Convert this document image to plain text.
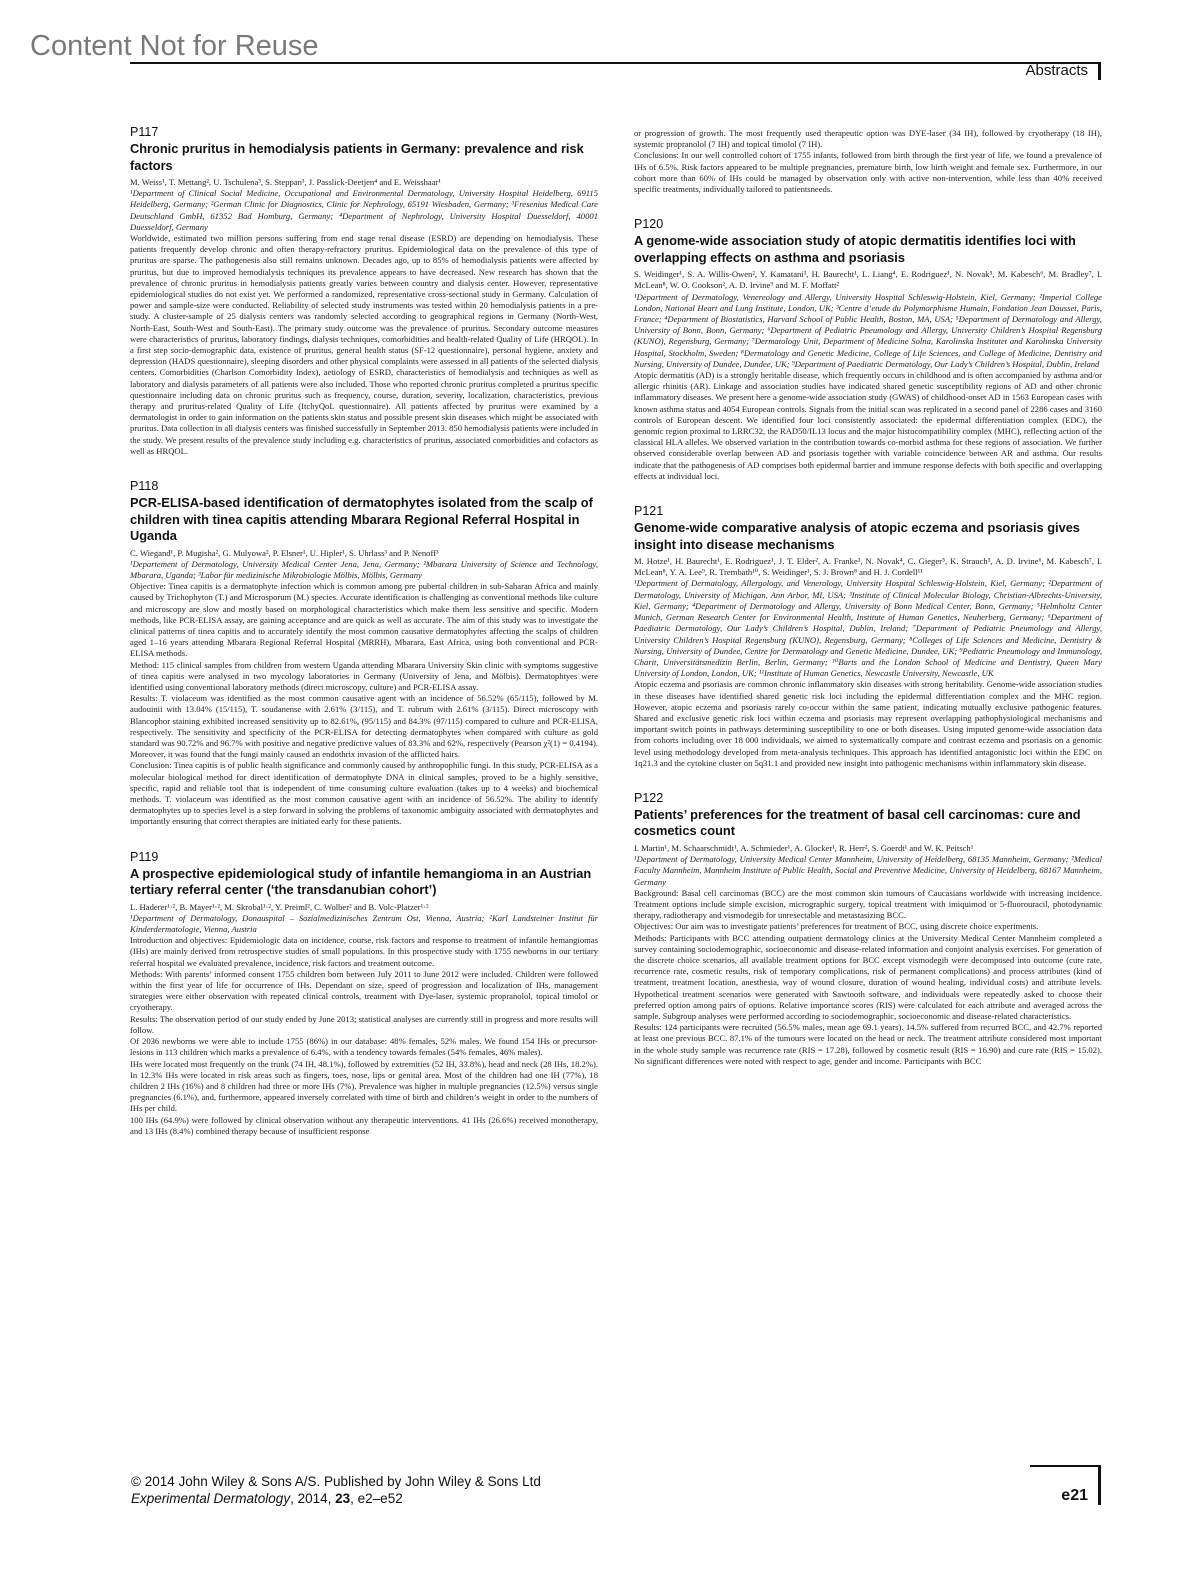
Content Not for Reuse
Abstracts

P117

Chronic pruritus in hemodialysis patients in Germany: prevalence and risk factors

M. Weiss¹, T. Mettang², U. Tschulena³, S. Steppan³, J. Passlick-Deetjen⁴ and E. Weisshaar¹

¹Department of Clinical Social Medicine, Occupational and Environmental Dermatology, University Hospital Heidelberg, 69115 Heidelberg, Germany; ²German Clinic for Diagnostics, Clinic for Nephrology, 65191 Wiesbaden, Germany; ³Fresenius Medical Care Deutschland GmbH, 61352 Bad Homburg, Germany; ⁴Department of Nephrology, University Hospital Duesseldorf, 40001 Duesseldorf, Germany

Worldwide, estimated two million persons suffering from end stage renal disease (ESRD) are depending on hemodialysis. These patients frequently develop chronic and often therapy-refractory pruritus. Epidemiological data on the prevalence of this type of pruritus are sparse. The pathogenesis also still remains unknown. Decades ago, up to 85% of hemodialysis patients were affected by pruritus, but due to improved hemodialysis techniques its prevalence appears to have decreased. New research has shown that the prevalence of chronic pruritus in hemodialysis patients greatly varies between country and dialysis center. However, representative epidemiological studies do not exist yet. We performed a randomized, representative cross-sectional study in Germany. Calculation of power and sample-size were conducted. Reliability of selected study instruments was tested within 20 hemodialysis patients in a pre-study. A cluster-sample of 25 dialysis centers was randomly selected according to geographical regions in Germany (North-West, North-East, South-West and South-East). The primary study outcome was the prevalence of pruritus. Secondary outcome measures were characteristics of pruritus, laboratory findings, dialysis techniques, comorbidities and health-related Quality of Life (HRQOL). In a first step socio-demographic data, existence of pruritus, general health status (SF-12 questionnaire), personal hygiene, anxiety and depression (HADS questionnaire), sleeping disorders and other physical complaints were assessed in all patients of the selected dialysis centers. Comorbidities (Charlson Comorbidity Index), aetiology of ESRD, characteristics of hemodialysis and techniques as well as laboratory and dialysis parameters of all patients were also included. Those who reported chronic pruritus completed a pruritus specific questionnaire including data on chronic pruritus such as frequency, course, duration, severity, localization, characteristics, previous therapy and pruritus-related Quality of Life (ItchyQoL questionnaire). All patients affected by pruritus were examined by a dermatologist in order to gain information on the patients skin status and possible present skin diseases which might be associated with pruritus. Data collection in all dialysis centers was finished successfully in September 2013. 850 hemodialysis patients were included in the study. We present results of the prevalence study including e.g. characteristics of pruritus, associated comorbidities and cofactors as well as HRQOL.

P118

PCR-ELISA-based identification of dermatophytes isolated from the scalp of children with tinea capitis attending Mbarara Regional Referral Hospital in Uganda

C. Wiegand¹, P. Mugisha², G. Mulyowa², P. Elsner¹, U. Hipler¹, S. Uhrlass³ and P. Nenoff³

¹Departement of Dermatology, University Medical Center Jena, Jena, Germany; ²Mbarara University of Science and Technology, Mbarara, Uganda; ³Labor für medizinische Mikrobiologie Mölbis, Mölbis, Germany

Objective: Tinea capitis is a dermatophyte infection which is common among pre pubertal children in sub-Saharan Africa and mainly caused by Trichophyton (T.) and Microsporum (M.) species. Accurate identification is challenging as conventional methods like culture and microscopy are slow and mostly based on morphological characteristics which make them less sensitive and specific. Modern methods, like PCR-ELISA assay, are gaining acceptance and are quick as well as accurate. The aim of this study was to investigate the clinical patterns of tinea capitis and to accurately identify the most common causative dermatophytes affecting the scalps of children aged 1–16 years attending Mbarara Regional Referral Hospital (MRRH), Mbarara, East Africa, using both conventional and PCR-ELISA methods.

Method: 115 clinical samples from children from western Uganda attending Mbarara University Skin clinic with symptoms suggestive of tinea capitis were analysed in two mycology laboratories in Germany (University of Jena, and Mölbis). Dermatophtyes were identified using conventional laboratory methods (direct microscopy, culture) and PCR-ELISA assay.

Results: T. violaceum was identified as the most common causative agent with an incidence of 56.52% (65/115), followed by M. audouinii with 13.04% (15/115), T. soudanense with 2.61% (3/115), and T. rubrum with 2.61% (3/115). Direct microscopy with Blancophor staining exhibited increased sensitivity up to 82.61%, (95/115) and 84.3% (97/115) compared to culture and PCR-ELISA, respectively. The sensitivity and specificity of the PCR-ELISA for detecting dermatophytes when compared with culture as gold standard was 90.72% and 96.7% with positive and negative predictive values of 83.3% and 62%, respectively (Pearson χ²(1) = 0.4194). Moreover, it was found that the fungi mainly caused an endothrix invasion of the afflicted hairs.

Conclusion: Tinea capitis is of public health significance and commonly caused by anthropophilic fungi. In this study, PCR-ELISA as a molecular biological method for direct identification of dermatophyte DNA in clinical samples, proved to be a highly sensitive, specific, rapid and reliable tool that is independent of time consuming culture evaluation (takes up to 4 weeks) and biochemical methods. T. violaceum was identified as the most common causative agent with an incidence of 56.52%. The ability to identify dermatophytes up to species level is a step forward in solving the problems of taxonomic ambiguity associated with dermatophytes and importantly ensuring that correct therapies are initiated early for these patients.

P119

A prospective epidemiological study of infantile hemangioma in an Austrian tertiary referral center (‘the transdanubian cohort’)

L. Haderer¹·², B. Mayer¹·², M. Skrobal¹·², Y. Preiml², C. Wolber² and B. Volc-Platzer¹·²

¹Department of Dermatology, Donauspital – Sozialmedizinisches Zentrum Ost, Vienna, Austria; ²Karl Landsteiner Institut für Kinderdermatologie, Vienna, Austria

Introduction and objectives: Epidemiologic data on incidence, course, risk factors and response to treatment of infantile hemangiomas (IHs) are mainly derived from retrospective studies of small populations. In this prospective study with 1755 newborns in our tertiary referral hospital we evaluated prevalence, incidence, risk factors and treatment outcome.

Methods: With parents’ informed consent 1755 children born between July 2011 to June 2012 were included. Children were followed within the first year of life for occurrence of IHs. Dependant on size, speed of progression and localization of IHs, management strategies were either observation with repeated clinical controls, treatment with Dye-laser, systemic propranolol, topical timolol or cryotherapy.

Results: The observation period of our study ended by June 2013; statistical analyses are currently still in progress and more results will follow.

Of 2036 newborns we were able to include 1755 (86%) in our database: 48% females, 52% males. We found 154 IHs or precursor-lesions in 113 children which marks a prevalence of 6.4%, with a tendency towards females (54% females, 46% males).

IHs were located most frequently on the trunk (74 IH, 48.1%), followed by extremities (52 IH, 33.8%), head and neck (28 IHs, 18.2%). In 12.3% IHs were located in risk areas such as fingers, toes, nose, lips or genital area. Most of the children had one IH (77%), 18 children 2 IHs (16%) and 8 children had three or more IHs (7%). Prevalence was higher in multiple pregnancies (12.5%) versus single pregnancies (6.1%), and, furthermore, appeared inversely correlated with time of birth and children’s weight in order to the numbers of IHs per child.

100 IHs (64.9%) were followed by clinical observation without any therapeutic interventions. 41 IHs (26.6%) received monotherapy, and 13 IHs (8.4%) combined therapy because of insufficient response

or progression of growth. The most frequently used therapeutic option was DYE-laser (34 IH), followed by cryotherapy (18 IH), systemic propranolol (7 IH) and topical timolol (7 IH).

Conclusions: In our well controlled cohort of 1755 infants, followed from birth through the first year of life, we found a prevalence of IHs of 6.5%. Risk factors appeared to be multiple pregnancies, premature birth, low birth weight and female sex. Furthermore, in our cohort more than 60% of IHs could be managed by observation only with active non-intervention, while less than 40% received specific treatments, individually tailored to patientsneeds.

P120

A genome-wide association study of atopic dermatitis identifies loci with overlapping effects on asthma and psoriasis

S. Weidinger¹, S. A. Willis-Owen², Y. Kamatani³, H. Baurecht¹, L. Liang⁴, E. Rodriguez¹, N. Novak⁵, M. Kabesch⁶, M. Bradley⁷, I. McLean⁸, W. O. Cookson², A. D. Irvine⁹ and M. F. Moffatt²

¹Department of Dermatology, Venereology and Allergy, University Hospital Schleswig-Holstein, Kiel, Germany; ²Imperial College London, National Heart and Lung Institute, London, UK; ³Centre d’etude du Polymorphisme Humain, Fondation Jean Dausset, Paris, France; ⁴Department of Biostatistics, Harvard School of Public Health, Boston, MA, USA; ⁵Department of Dermatology and Allergy, University of Bonn, Bonn, Germany; ⁶Department of Pediatric Pneumology and Allergy, University Children’s Hospital Regensburg (KUNO), Regensburg, Germany; ⁷Dermatology Unit, Department of Medicine Solna, Karolinska Institutet and Karolinska University Hospital, Stockholm, Sweden; ⁸Dermatology and Genetic Medicine, College of Life Sciences, and College of Medicine, Dentistry and Nursing, University of Dundee, Dundee, UK; ⁹Department of Paediatric Dermatology, Our Lady’s Children’s Hospital, Dublin, Ireland

Atopic dermatitis (AD) is a strongly heritable disease, which frequently occurs in childhood and is often accompanied by asthma and/or allergic rhinitis (AR). Linkage and association studies have indicated shared genetic susceptibility regions of AD and other chronic inflammatory diseases. We present here a genome-wide association study (GWAS) of childhood-onset AD in 1563 European cases with known asthma status and 4054 European controls. Signals from the initial scan was replicated in a second panel of 2286 cases and 3160 controls of European descent. We identified four loci consistently associated: the epidermal differentiation complex (EDC), the genomic region proximal to LRRC32, the RAD50/IL13 locus and the major histocompatibility complex (MHC), reflecting action of the classical HLA alleles. We observed variation in the contribution towards co-morbid asthma for these regions of association. We further observed considerable overlap between AD and psoriasis together with variable coincidence between AR and asthma. Our results indicate that the pathogenesis of AD comprises both epidermal barrier and immune response defects with both specific and overlapping effects at individual loci.

P121

Genome-wide comparative analysis of atopic eczema and psoriasis gives insight into disease mechanisms

M. Hotze¹, H. Baurecht¹, E. Rodriguez¹, J. T. Elder², A. Franke³, N. Novak⁴, C. Gieger⁵, K. Strauch⁵, A. D. Irvine⁶, M. Kabesch⁷, I. McLean⁸, Y. A. Lee⁹, R. Trembath¹⁰, S. Weidinger¹, S. J. Brown⁸ and H. J. Cordell¹¹

¹Department of Dermatology, Allergology, and Venerology, University Hospital Schleswig-Holstein, Kiel, Germany; ²Department of Dermatology, University of Michigan, Ann Arbor, MI, USA; ³Institute of Clinical Molecular Biology, Christian-Albrechts-University, Kiel, Germany; ⁴Department of Dermatology and Allergy, University of Bonn Medical Center, Bonn, Germany; ⁵Helmholtz Center Munich, German Research Center for Environmental Health, Institute of Human Genetics, Neuherberg, Germany; ⁶Department of Paediatric Dermatology, Our Lady’s Children’s Hospital, Dublin, Ireland; ⁷Department of Pediatric Pneumology and Allergy, University Children’s Hospital Regensburg (KUNO), Regensburg, Germany; ⁸Colleges of Life Sciences and Medicine, Dentistry & Nursing, University of Dundee, Centre for Dermatology and Genetic Medicine, Dundee, UK; ⁹Pediatric Pneumology and Immunology, Charit, Universitätsmedizin Berlin, Berlin, Germany; ¹⁰Barts and the London School of Medicine and Dentistry, Queen Mary University of London, London, UK; ¹¹Institute of Human Genetics, Newcastle University, Newcastle, UK

Atopic eczema and psoriasis are common chronic inflammatory skin diseases with strong heritability. Genome-wide association studies in these diseases have identified shared genetic risk loci including the epidermal differentiation complex and the MHC region. However, atopic eczema and psoriasis rarely co-occur within the same patient, indicating mutually exclusive pathogenic features. Shared and exclusive genetic risk loci within eczema and psoriasis may represent overlapping pathophysiological mechanisms and important switch points in pathways determining susceptibility to one or both diseases. Using imputed genome-wide association data from cohorts including over 18 000 individuals, we aimed to systematically compare and contrast eczema and psoriasis on a genomic level using methodology developed from meta-analysis techniques. This approach has identified antagonistic loci within the EDC on 1q21.3 and the cytokine cluster on 5q31.1 and provided new insight into pathogenic mechanisms within inflammatory skin disease.

P122

Patients’ preferences for the treatment of basal cell carcinomas: cure and cosmetics count

I. Martin¹, M. Schaarschmidt¹, A. Schmieder¹, A. Glocker¹, R. Herr², S. Goerdt¹ and W. K. Peitsch¹

¹Department of Dermatology, University Medical Center Mannheim, University of Heidelberg, 68135 Mannheim, Germany; ²Medical Faculty Mannheim, Mannheim Institute of Public Health, Social and Preventive Medicine, University of Heidelberg, 68167 Mannheim, Germany

Background: Basal cell carcinomas (BCC) are the most common skin tumours of Caucasians worldwide with increasing incidence. Treatment options include simple excision, micrographic surgery, topical treatment with imiquimod or 5-fluorouracil, photodynamic therapy, radiotherapy and vismodegib for unresectable and metastasizing BCC.

Objectives: Our aim was to investigate patients’ preferences for treatment of BCC, using discrete choice experiments.

Methods: Participants with BCC attending outpatient dermatology clinics at the University Medical Center Mannheim completed a survey containing sociodemographic, socioeconomic and disease-related information and conjoint analysis exercises. For generation of the discrete choice scenarios, all available treatment options for BCC except vismodegib were decomposed into outcome (cure rate, recurrence rate, cosmetic results, risk of temporary complications, risk of permanent complications) and process attributes (kind of treatment, treatment location, anesthesia, way of wound closure, duration of wound healing, individual costs) and attribute levels. Hypothetical treatment scenarios were generated with Sawtooth software, and individuals were repeatedly asked to choose their preferred option among pairs of options. Relative importance scores (RIS) were calculated for each attribute and averaged across the sample. Subgroup analyses were performed according to sociodemographic, socioeconomic and disease-related characteristics.

Results: 124 participants were recruited (56.5% males, mean age 69.1 years). 14.5% suffered from recurred BCC, and 42.7% reported at least one previous BCC. 87.1% of the tumours were located on the head or neck. The treatment attribute considered most important in the whole study sample was recurrence rate (RIS = 17.28), followed by cosmetic result (RIS = 16.90) and cure rate (RIS = 15.02). No significant differences were noted with respect to age, gender and income. Participants with BCC

© 2014 John Wiley & Sons A/S. Published by John Wiley & Sons Ltd
Experimental Dermatology, 2014, 23, e2–e52	e21
